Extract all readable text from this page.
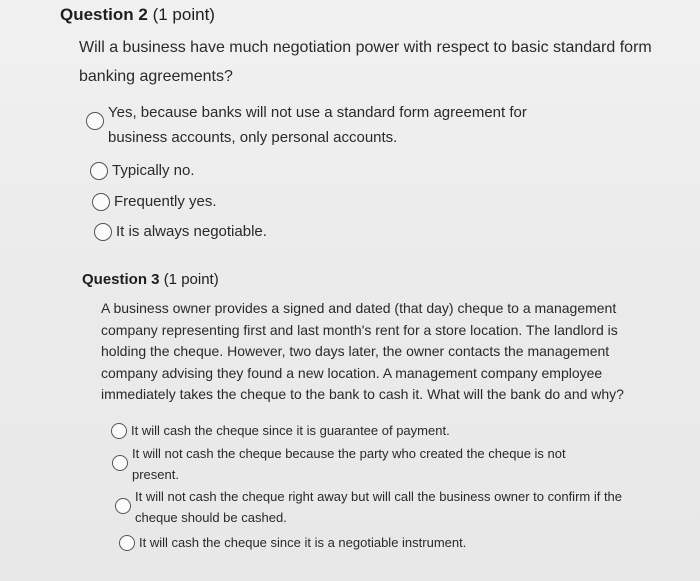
Question 2 (1 point)

Will a business have much negotiation power with respect to basic standard form banking agreements?

Yes, because banks will not use a standard form agreement for business accounts, only personal accounts.
Typically no.
Frequently yes.
It is always negotiable.
Question 3 (1 point)

A business owner provides a signed and dated (that day) cheque to a management company representing first and last month's rent for a store location. The landlord is holding the cheque. However, two days later, the owner contacts the management company advising they found a new location. A management company employee immediately takes the cheque to the bank to cash it. What will the bank do and why?

It will cash the cheque since it is guarantee of payment.
It will not cash the cheque because the party who created the cheque is not present.
It will not cash the cheque right away but will call the business owner to confirm if the cheque should be cashed.
It will cash the cheque since it is a negotiable instrument.
